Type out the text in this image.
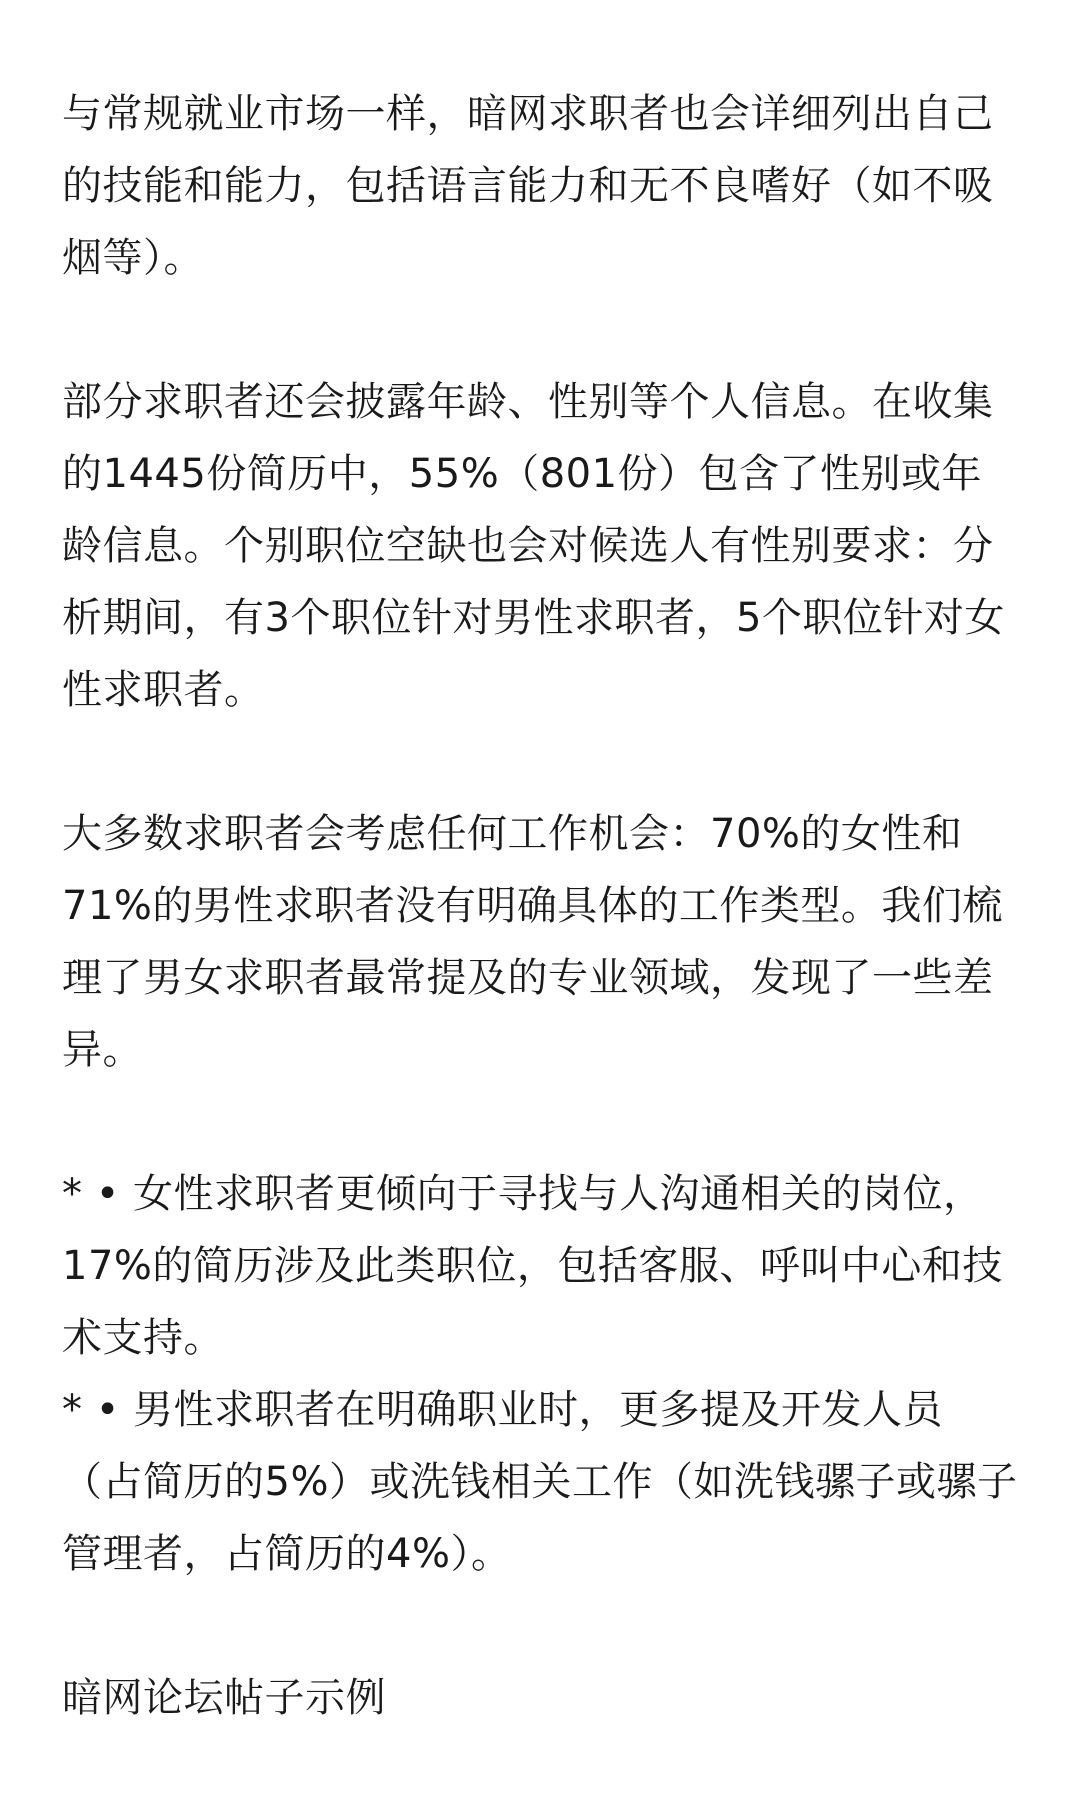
与常规就业市场一样，暗网求职者也会详细列出自己的技能和能力，包括语言能力和无不良嗜好（如不吸烟等）。

部分求职者还会披露年龄、性别等个人信息。在收集的1445份简历中，55%（801份）包含了性别或年龄信息。个别职位空缺也会对候选人有性别要求：分析期间，有3个职位针对男性求职者，5个职位针对女性求职者。

大多数求职者会考虑任何工作机会：70%的女性和71%的男性求职者没有明确具体的工作类型。我们梳理了男女求职者最常提及的专业领域，发现了一些差异。

* • 女性求职者更倾向于寻找与人沟通相关的岗位，17%的简历涉及此类职位，包括客服、呼叫中心和技术支持。

* • 男性求职者在明确职业时，更多提及开发人员（占简历的5%）或洗钱相关工作（如洗钱骡子或骡子管理者，占简历的4%）。

暗网论坛帖子示例
